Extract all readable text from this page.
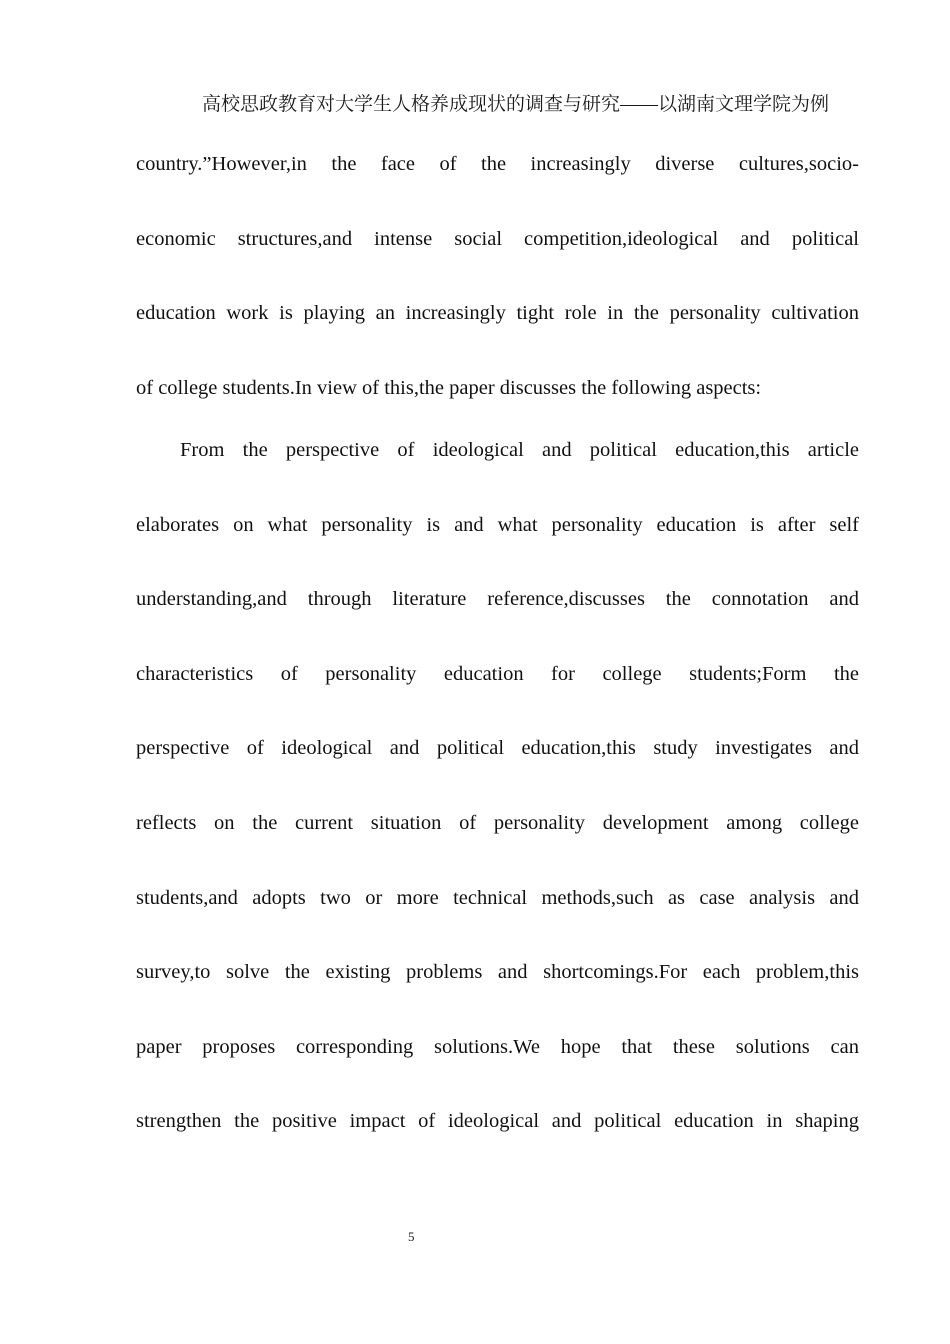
高校思政教育对大学生人格养成现状的调查与研究——以湖南文理学院为例
country.”However,in the face of the increasingly diverse cultures,socio-
economic structures,and intense social competition,ideological and political
education work is playing an increasingly tight role in the personality cultivation
of college students.In view of this,the paper discusses the following aspects:
From the perspective of ideological and political education,this article
elaborates on what personality is and what personality education is after self
understanding,and through literature reference,discusses the connotation and
characteristics of personality education for college students;Form the
perspective of ideological and political education,this study investigates and
reflects on the current situation of personality development among college
students,and adopts two or more technical methods,such as case analysis and
survey,to solve the existing problems and shortcomings.For each problem,this
paper proposes corresponding solutions.We hope that these solutions can
strengthen the positive impact of ideological and political education in shaping
5
